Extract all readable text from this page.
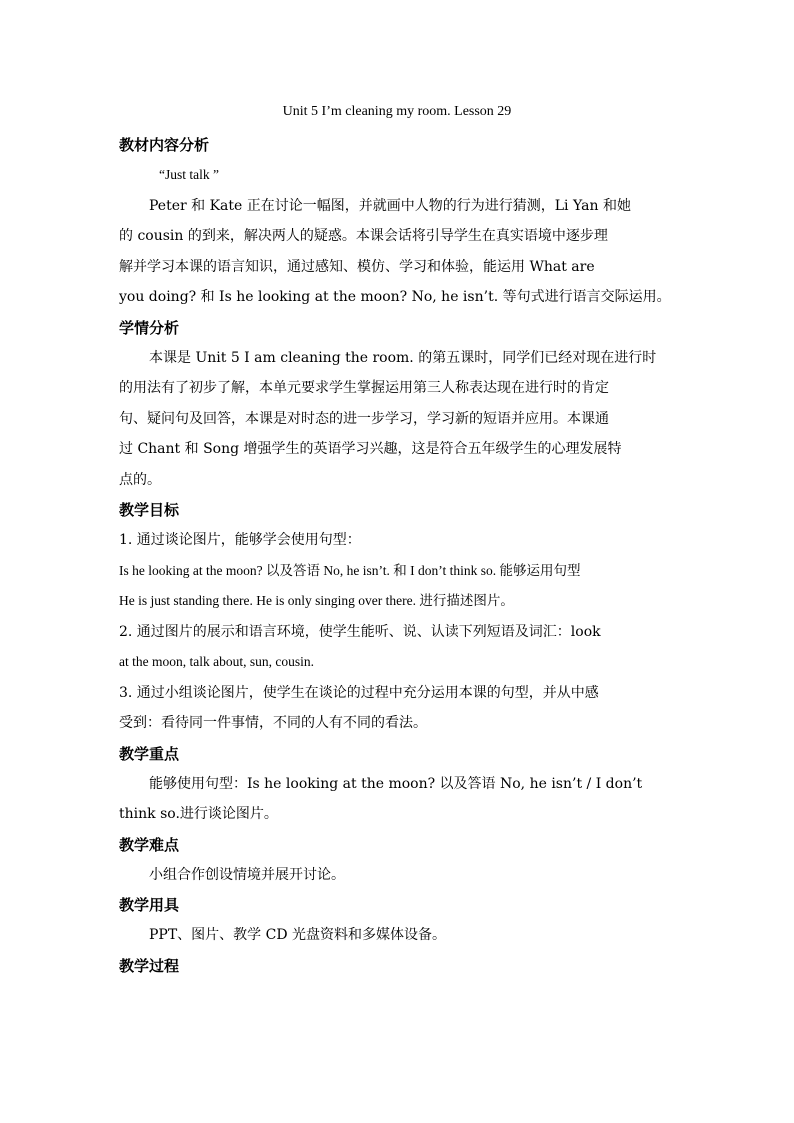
Unit 5 I’m cleaning my room. Lesson 29
教材内容分析
“Just talk ”
Peter 和 Kate 正在讨论一幅图，并就画中人物的行为进行猜测，Li Yan 和她
的 cousin 的到来，解决两人的疑惑。本课会话将引导学生在真实语境中逐步理
解并学习本课的语言知识，通过感知、模仿、学习和体验，能运用 What are
you doing? 和 Is he looking at the moon? No, he isn’t. 等句式进行语言交际运用。
学情分析
本课是 Unit 5 I am cleaning the room. 的第五课时，同学们已经对现在进行时
的用法有了初步了解，本单元要求学生掌握运用第三人称表达现在进行时的肯定
句、疑问句及回答，本课是对时态的进一步学习，学习新的短语并应用。本课通
过 Chant 和 Song 增强学生的英语学习兴趣，这是符合五年级学生的心理发展特
点的。
教学目标
1. 通过谈论图片，能够学会使用句型：
Is he looking at the moon? 以及答语 No, he isn’t. 和 I don’t think so. 能够运用句型
He is just standing there. He is only singing over there. 进行描述图片。
2. 通过图片的展示和语言环境，使学生能听、说、认读下列短语及词汇：look
at the moon, talk about, sun, cousin.
3. 通过小组谈论图片，使学生在谈论的过程中充分运用本课的句型，并从中感
受到：看待同一件事情，不同的人有不同的看法。
教学重点
能够使用句型：Is he looking at the moon? 以及答语 No, he isn’t / I don’t
think so.进行谈论图片。
教学难点
小组合作创设情境并展开讨论。
教学用具
PPT、图片、教学 CD 光盘资料和多媒体设备。
教学过程
